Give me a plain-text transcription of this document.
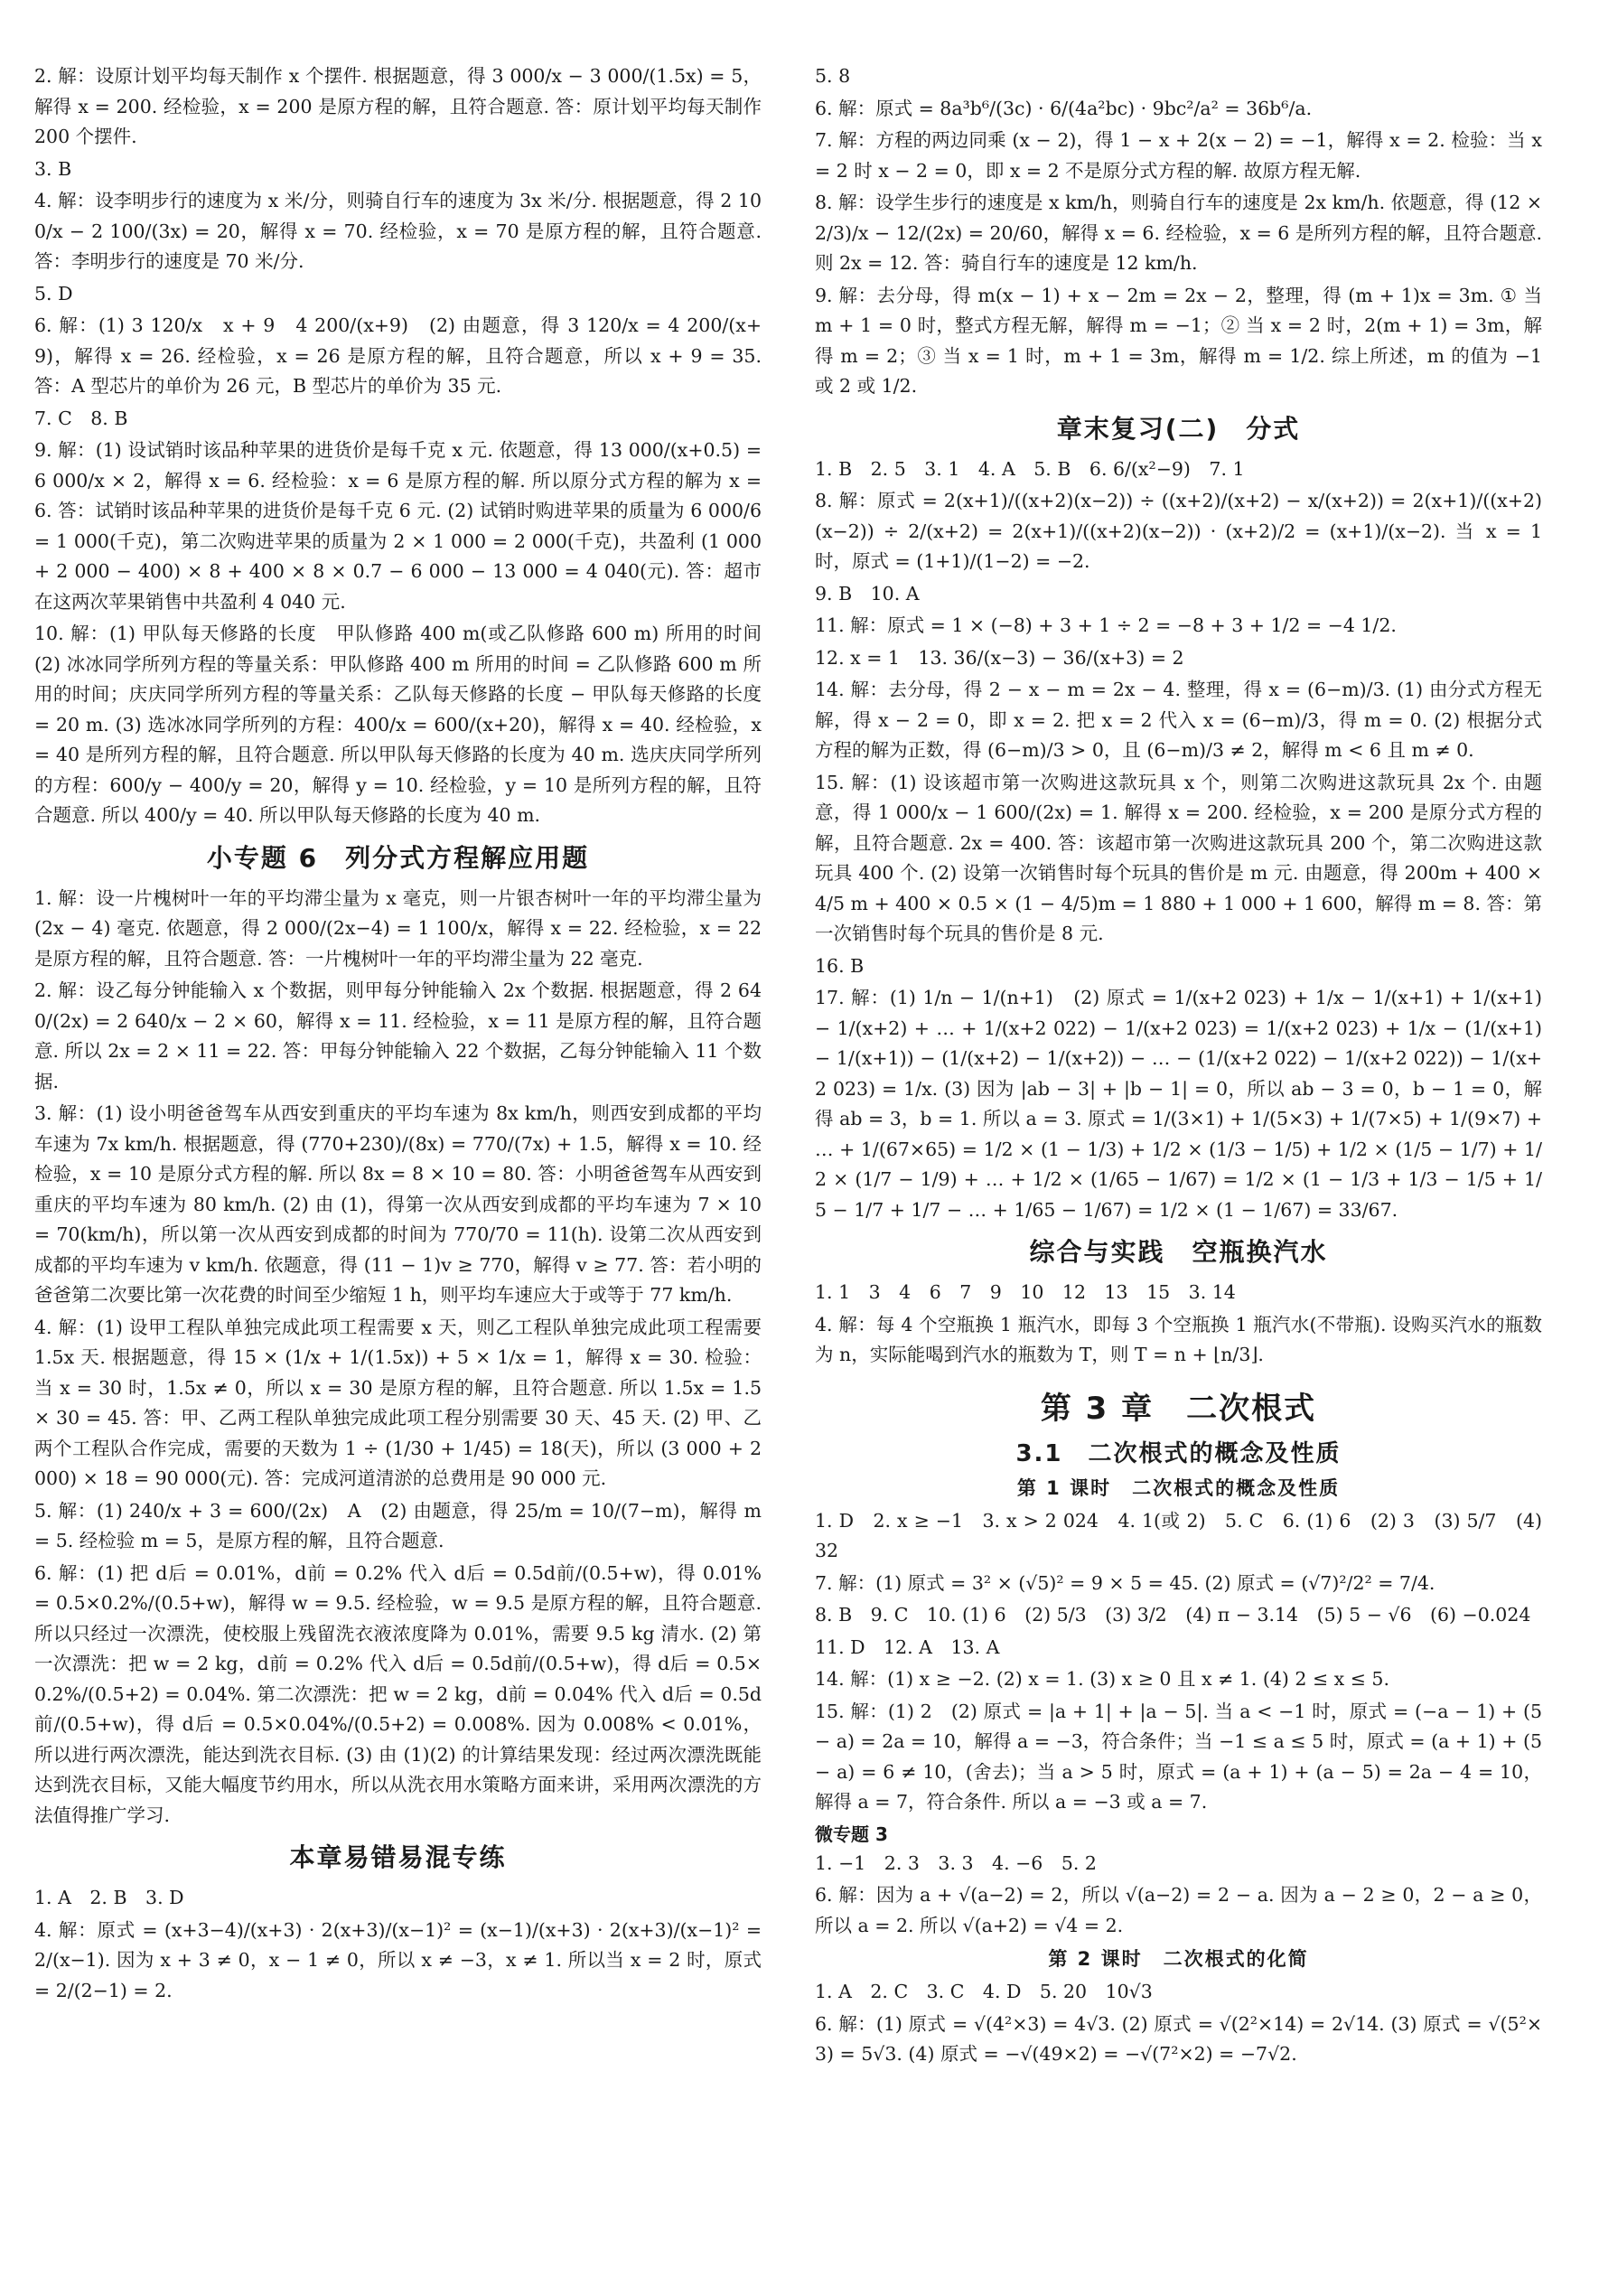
2. 解：设原计划平均每天制作 x 个摆件. 根据题意，得 3 000/x − 3 000/(1.5x) = 5，解得 x = 200. 经检验，x = 200 是原方程的解，且符合题意. 答：原计划平均每天制作 200 个摆件.
3. B
4. 解：设李明步行的速度为 x 米/分，则骑自行车的速度为 3x 米/分. 根据题意，得 2 100/x − 2 100/(3x) = 20，解得 x = 70. 经检验，x = 70 是原方程的解，且符合题意. 答：李明步行的速度是 70 米/分.
5. D
6. 解：(1) 3 120/x　x + 9　4 200/(x+9)　(2) 由题意，得 3 120/x = 4 200/(x+9)，解得 x = 26. 经检验，x = 26 是原方程的解，且符合题意，所以 x + 9 = 35. 答：A 型芯片的单价为 26 元，B 型芯片的单价为 35 元.
7. C　8. B
9. 解：(1) 设试销时该品种苹果的进货价是每千克 x 元. 依题意，得 13 000/(x+0.5) = 6 000/x × 2，解得 x = 6. 经检验：x = 6 是原方程的解. 所以原分式方程的解为 x = 6. 答：试销时该品种苹果的进货价是每千克 6 元. (2) 试销时购进苹果的质量为 6 000/6 = 1 000(千克)，第二次购进苹果的质量为 2 × 1 000 = 2 000(千克)，共盈利 (1 000 + 2 000 − 400) × 8 + 400 × 8 × 0.7 − 6 000 − 13 000 = 4 040(元). 答：超市在这两次苹果销售中共盈利 4 040 元.
10. 解：(1) 甲队每天修路的长度　甲队修路 400 m(或乙队修路 600 m) 所用的时间　(2) 冰冰同学所列方程的等量关系：甲队修路 400 m 所用的时间 = 乙队修路 600 m 所用的时间；庆庆同学所列方程的等量关系：乙队每天修路的长度 − 甲队每天修路的长度 = 20 m. (3) 选冰冰同学所列的方程：400/x = 600/(x+20)，解得 x = 40. 经检验，x = 40 是所列方程的解，且符合题意. 所以甲队每天修路的长度为 40 m. 选庆庆同学所列的方程：600/y − 400/y = 20，解得 y = 10. 经检验，y = 10 是所列方程的解，且符合题意. 所以 400/y = 40. 所以甲队每天修路的长度为 40 m.
小专题 6　列分式方程解应用题
1. 解：设一片槐树叶一年的平均滞尘量为 x 毫克，则一片银杏树叶一年的平均滞尘量为 (2x − 4) 毫克. 依题意，得 2 000/(2x−4) = 1 100/x，解得 x = 22. 经检验，x = 22 是原方程的解，且符合题意. 答：一片槐树叶一年的平均滞尘量为 22 毫克.
2. 解：设乙每分钟能输入 x 个数据，则甲每分钟能输入 2x 个数据. 根据题意，得 2 640/(2x) = 2 640/x − 2 × 60，解得 x = 11. 经检验，x = 11 是原方程的解，且符合题意. 所以 2x = 2 × 11 = 22. 答：甲每分钟能输入 22 个数据，乙每分钟能输入 11 个数据.
3. 解：(1) 设小明爸爸驾车从西安到重庆的平均车速为 8x km/h，则西安到成都的平均车速为 7x km/h. 根据题意，得 (770+230)/(8x) = 770/(7x) + 1.5，解得 x = 10. 经检验，x = 10 是原分式方程的解. 所以 8x = 8 × 10 = 80. 答：小明爸爸驾车从西安到重庆的平均车速为 80 km/h. (2) 由 (1)，得第一次从西安到成都的平均车速为 7 × 10 = 70(km/h)，所以第一次从西安到成都的时间为 770/70 = 11(h). 设第二次从西安到成都的平均车速为 v km/h. 依题意，得 (11 − 1)v ≥ 770，解得 v ≥ 77. 答：若小明的爸爸第二次要比第一次花费的时间至少缩短 1 h，则平均车速应大于或等于 77 km/h.
4. 解：(1) 设甲工程队单独完成此项工程需要 x 天，则乙工程队单独完成此项工程需要 1.5x 天. 根据题意，得 15 × (1/x + 1/(1.5x)) + 5 × 1/x = 1，解得 x = 30. 检验：当 x = 30 时，1.5x ≠ 0，所以 x = 30 是原方程的解，且符合题意. 所以 1.5x = 1.5 × 30 = 45. 答：甲、乙两工程队单独完成此项工程分别需要 30 天、45 天. (2) 甲、乙两个工程队合作完成，需要的天数为 1 ÷ (1/30 + 1/45) = 18(天)，所以 (3 000 + 2 000) × 18 = 90 000(元). 答：完成河道清淤的总费用是 90 000 元.
5. 解：(1) 240/x + 3 = 600/(2x)　A　(2) 由题意，得 25/m = 10/(7−m)，解得 m = 5. 经检验 m = 5，是原方程的解，且符合题意.
6. 解：(1) 把 d后 = 0.01%，d前 = 0.2% 代入 d后 = 0.5d前/(0.5+w)，得 0.01% = 0.5×0.2%/(0.5+w)，解得 w = 9.5. 经检验，w = 9.5 是原方程的解，且符合题意. 所以只经过一次漂洗，使校服上残留洗衣液浓度降为 0.01%，需要 9.5 kg 清水. (2) 第一次漂洗：把 w = 2 kg，d前 = 0.2% 代入 d后 = 0.5d前/(0.5+w)，得 d后 = 0.5×0.2%/(0.5+2) = 0.04%. 第二次漂洗：把 w = 2 kg，d前 = 0.04% 代入 d后 = 0.5d前/(0.5+w)，得 d后 = 0.5×0.04%/(0.5+2) = 0.008%. 因为 0.008% < 0.01%，所以进行两次漂洗，能达到洗衣目标. (3) 由 (1)(2) 的计算结果发现：经过两次漂洗既能达到洗衣目标，又能大幅度节约用水，所以从洗衣用水策略方面来讲，采用两次漂洗的方法值得推广学习.
本章易错易混专练
1. A　2. B　3. D
4. 解：原式 = (x+3−4)/(x+3) · 2(x+3)/(x−1)² = (x−1)/(x+3) · 2(x+3)/(x−1)² = 2/(x−1). 因为 x + 3 ≠ 0，x − 1 ≠ 0，所以 x ≠ −3，x ≠ 1. 所以当 x = 2 时，原式 = 2/(2−1) = 2.
5. 8
6. 解：原式 = 8a³b⁶/(3c) · 6/(4a²bc) · 9bc²/a² = 36b⁶/a.
7. 解：方程的两边同乘 (x − 2)，得 1 − x + 2(x − 2) = −1，解得 x = 2. 检验：当 x = 2 时 x − 2 = 0，即 x = 2 不是原分式方程的解. 故原方程无解.
8. 解：设学生步行的速度是 x km/h，则骑自行车的速度是 2x km/h. 依题意，得 (12 × 2/3)/x − 12/(2x) = 20/60，解得 x = 6. 经检验，x = 6 是所列方程的解，且符合题意. 则 2x = 12. 答：骑自行车的速度是 12 km/h.
9. 解：去分母，得 m(x − 1) + x − 2m = 2x − 2，整理，得 (m + 1)x = 3m. ① 当 m + 1 = 0 时，整式方程无解，解得 m = −1；② 当 x = 2 时，2(m + 1) = 3m，解得 m = 2；③ 当 x = 1 时，m + 1 = 3m，解得 m = 1/2. 综上所述，m 的值为 −1 或 2 或 1/2.
章末复习(二)　分式
1. B　2. 5　3. 1　4. A　5. B　6. 6/(x²−9)　7. 1
8. 解：原式 = 2(x+1)/((x+2)(x−2)) ÷ ((x+2)/(x+2) − x/(x+2)) = 2(x+1)/((x+2)(x−2)) ÷ 2/(x+2) = 2(x+1)/((x+2)(x−2)) · (x+2)/2 = (x+1)/(x−2). 当 x = 1 时，原式 = (1+1)/(1−2) = −2.
9. B　10. A
11. 解：原式 = 1 × (−8) + 3 + 1 ÷ 2 = −8 + 3 + 1/2 = −4 1/2.
12. x = 1　13. 36/(x−3) − 36/(x+3) = 2
14. 解：去分母，得 2 − x − m = 2x − 4. 整理，得 x = (6−m)/3. (1) 由分式方程无解，得 x − 2 = 0，即 x = 2. 把 x = 2 代入 x = (6−m)/3，得 m = 0. (2) 根据分式方程的解为正数，得 (6−m)/3 > 0，且 (6−m)/3 ≠ 2，解得 m < 6 且 m ≠ 0.
15. 解：(1) 设该超市第一次购进这款玩具 x 个，则第二次购进这款玩具 2x 个. 由题意，得 1 000/x − 1 600/(2x) = 1. 解得 x = 200. 经检验，x = 200 是原分式方程的解，且符合题意. 2x = 400. 答：该超市第一次购进这款玩具 200 个，第二次购进这款玩具 400 个. (2) 设第一次销售时每个玩具的售价是 m 元. 由题意，得 200m + 400 × 4/5 m + 400 × 0.5 × (1 − 4/5)m = 1 880 + 1 000 + 1 600，解得 m = 8. 答：第一次销售时每个玩具的售价是 8 元.
16. B
17. 解：(1) 1/n − 1/(n+1)　(2) 原式 = 1/(x+2 023) + 1/x − 1/(x+1) + 1/(x+1) − 1/(x+2) + … + 1/(x+2 022) − 1/(x+2 023) = 1/(x+2 023) + 1/x − (1/(x+1) − 1/(x+1)) − (1/(x+2) − 1/(x+2)) − … − (1/(x+2 022) − 1/(x+2 022)) − 1/(x+2 023) = 1/x. (3) 因为 |ab − 3| + |b − 1| = 0，所以 ab − 3 = 0，b − 1 = 0，解得 ab = 3，b = 1. 所以 a = 3. 原式 = 1/(3×1) + 1/(5×3) + 1/(7×5) + 1/(9×7) + … + 1/(67×65) = 1/2 × (1 − 1/3) + 1/2 × (1/3 − 1/5) + 1/2 × (1/5 − 1/7) + 1/2 × (1/7 − 1/9) + … + 1/2 × (1/65 − 1/67) = 1/2 × (1 − 1/3 + 1/3 − 1/5 + 1/5 − 1/7 + 1/7 − … + 1/65 − 1/67) = 1/2 × (1 − 1/67) = 33/67.
综合与实践　空瓶换汽水
1. 1　3　4　6　7　9　10　12　13　15　3. 14
4. 解：每 4 个空瓶换 1 瓶汽水，即每 3 个空瓶换 1 瓶汽水(不带瓶). 设购买汽水的瓶数为 n，实际能喝到汽水的瓶数为 T，则 T = n + ⌊n/3⌋.
第 3 章　二次根式
3.1　二次根式的概念及性质
第 1 课时　二次根式的概念及性质
1. D　2. x ≥ −1　3. x > 2 024　4. 1(或 2)　5. C　6. (1) 6　(2) 3　(3) 5/7　(4) 32
7. 解：(1) 原式 = 3² × (√5)² = 9 × 5 = 45. (2) 原式 = (√7)²/2² = 7/4.
8. B　9. C　10. (1) 6　(2) 5/3　(3) 3/2　(4) π − 3.14　(5) 5 − √6　(6) −0.024
11. D　12. A　13. A
14. 解：(1) x ≥ −2. (2) x = 1. (3) x ≥ 0 且 x ≠ 1. (4) 2 ≤ x ≤ 5.
15. 解：(1) 2　(2) 原式 = |a + 1| + |a − 5|. 当 a < −1 时，原式 = (−a − 1) + (5 − a) = 2a = 10，解得 a = −3，符合条件；当 −1 ≤ a ≤ 5 时，原式 = (a + 1) + (5 − a) = 6 ≠ 10，(舍去)；当 a > 5 时，原式 = (a + 1) + (a − 5) = 2a − 4 = 10，解得 a = 7，符合条件. 所以 a = −3 或 a = 7.
微专题 3
1. −1　2. 3　3. 3　4. −6　5. 2
6. 解：因为 a + √(a−2) = 2，所以 √(a−2) = 2 − a. 因为 a − 2 ≥ 0，2 − a ≥ 0，所以 a = 2. 所以 √(a+2) = √4 = 2.
第 2 课时　二次根式的化简
1. A　2. C　3. C　4. D　5. 20　10√3
6. 解：(1) 原式 = √(4²×3) = 4√3. (2) 原式 = √(2²×14) = 2√14. (3) 原式 = √(5²×3) = 5√3. (4) 原式 = −√(49×2) = −√(7²×2) = −7√2.
